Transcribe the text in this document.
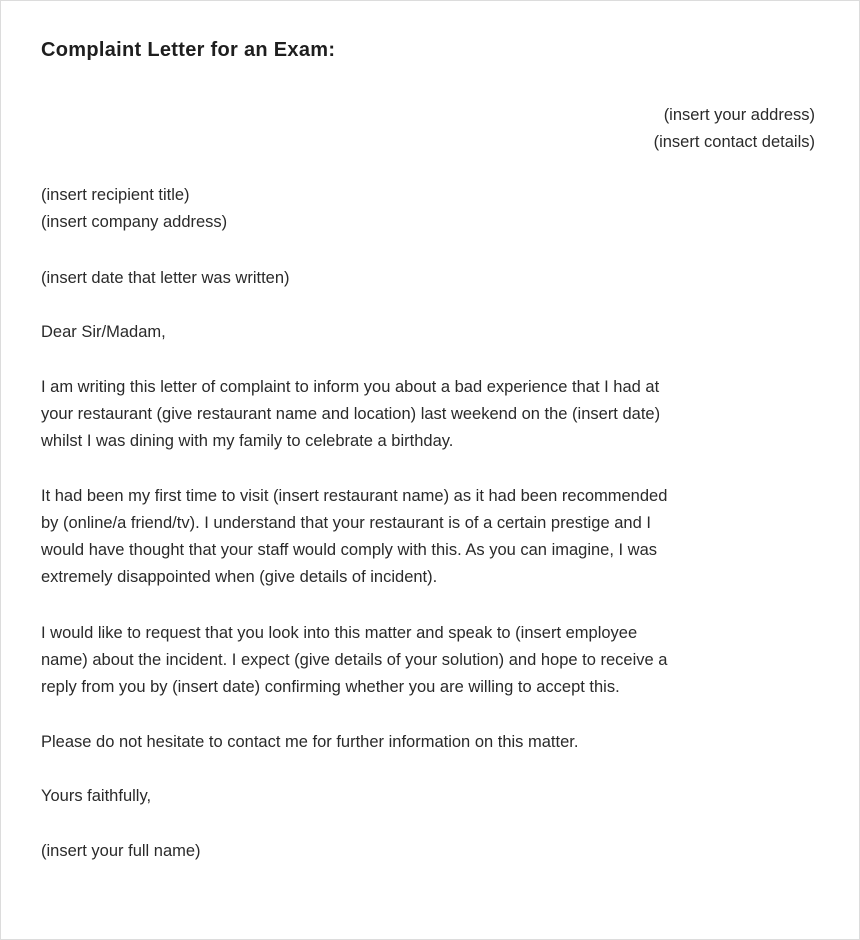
Complaint Letter for an Exam:
(insert your address)
(insert contact details)
(insert recipient title)
(insert company address)
(insert date that letter was written)
Dear Sir/Madam,
I am writing this letter of complaint to inform you about a bad experience that I had at
your restaurant (give restaurant name and location) last weekend on the (insert date)
whilst I was dining with my family to celebrate a birthday.
It had been my first time to visit (insert restaurant name) as it had been recommended
by (online/a friend/tv). I understand that your restaurant is of a certain prestige and I
would have thought that your staff would comply with this. As you can imagine, I was
extremely disappointed when (give details of incident).
I would like to request that you look into this matter and speak to (insert employee
name) about the incident. I expect (give details of your solution) and hope to receive a
reply from you by (insert date) confirming whether you are willing to accept this.
Please do not hesitate to contact me for further information on this matter.
Yours faithfully,
(insert your full name)
